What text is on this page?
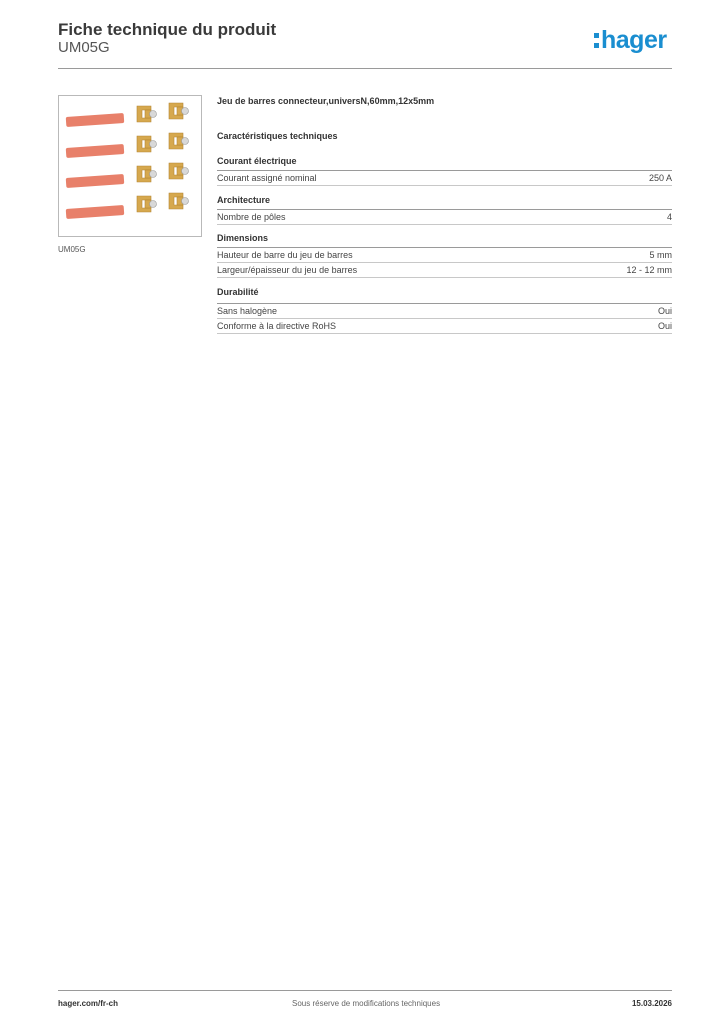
Fiche technique du produit
UM05G	hager
UM05G
Jeu de barres connecteur,universN,60mm,12x5mm
Caractéristiques techniques
Courant électrique
Courant assigné nominal	250 A
Architecture
Nombre de pôles	4
Dimensions
Hauteur de barre du jeu de barres	5 mm
Largeur/épaisseur du jeu de barres	12 - 12 mm
Durabilité
Sans halogène	Oui
Conforme à la directive RoHS	Oui
hager.com/fr-ch	Sous réserve de modifications techniques	15.03.2026
